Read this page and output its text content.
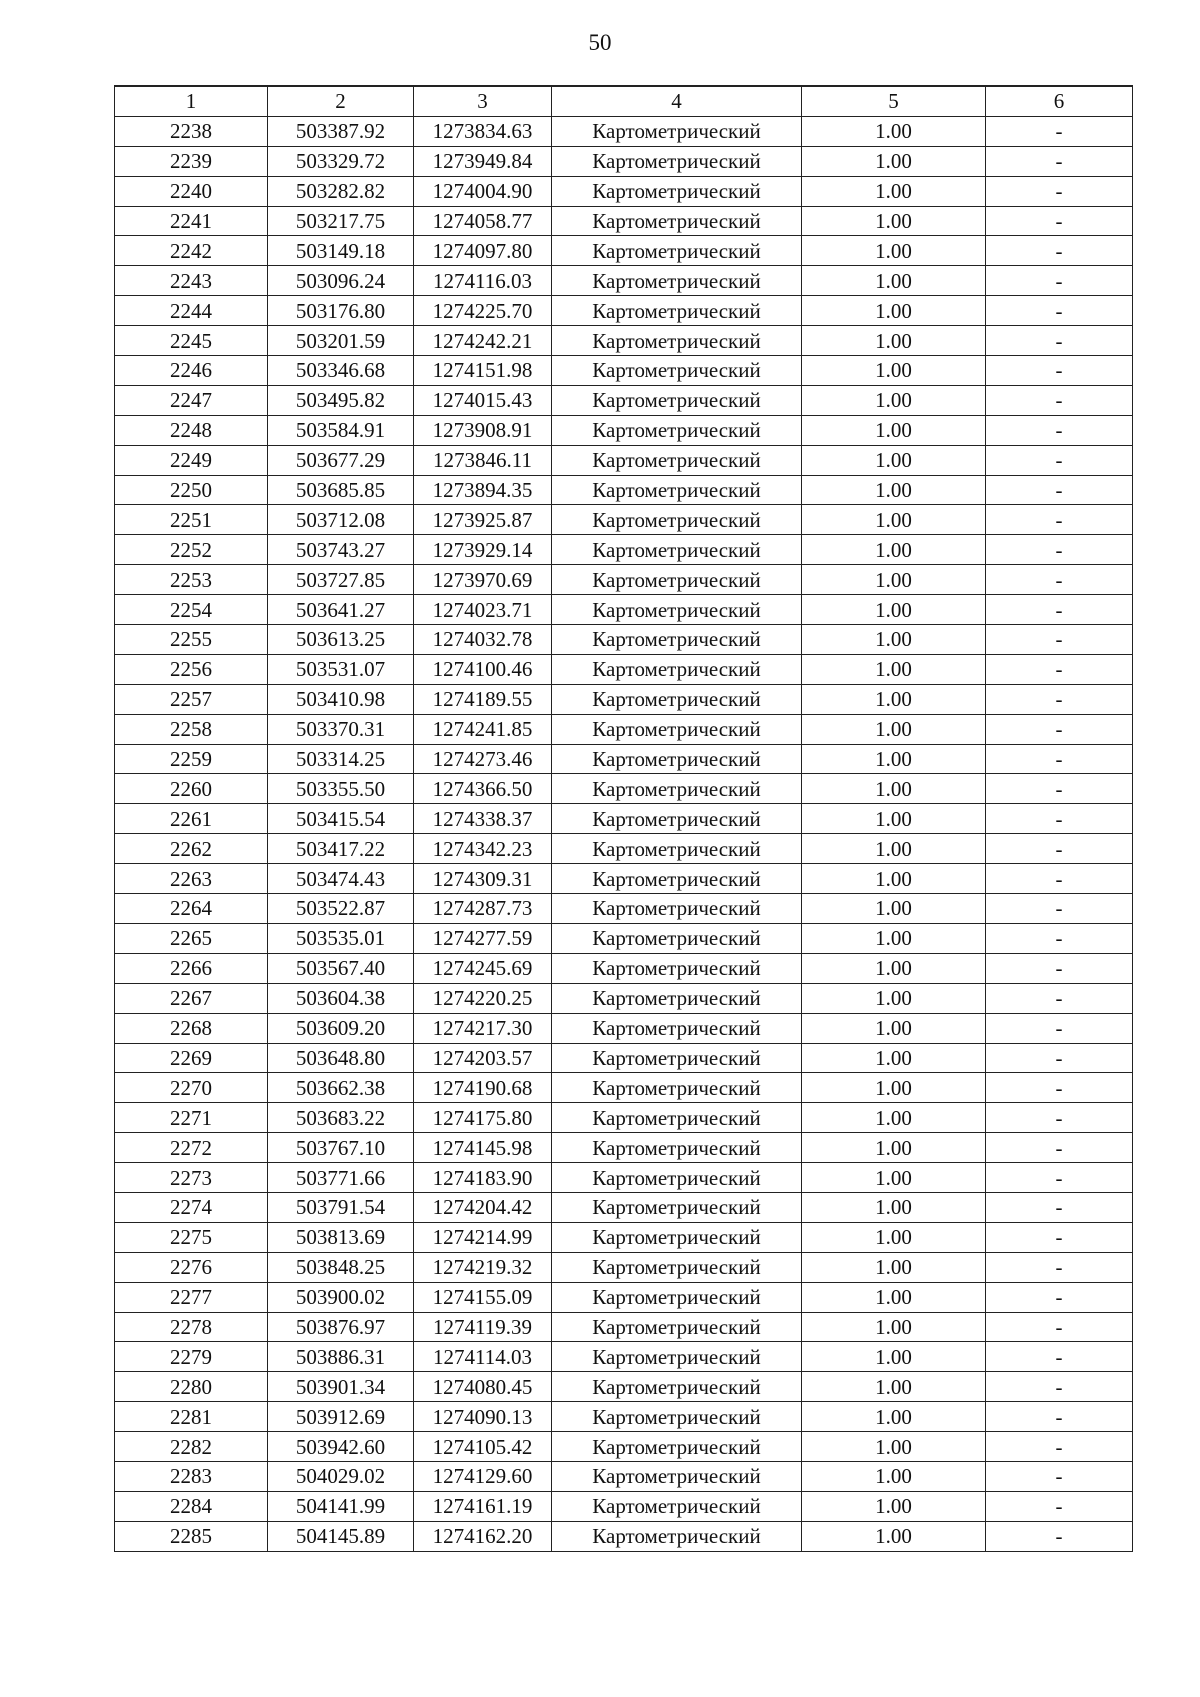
50
1	2	3	4	5	6
2238	503387.92	1273834.63	Картометрический	1.00	-
2239	503329.72	1273949.84	Картометрический	1.00	-
2240	503282.82	1274004.90	Картометрический	1.00	-
2241	503217.75	1274058.77	Картометрический	1.00	-
2242	503149.18	1274097.80	Картометрический	1.00	-
2243	503096.24	1274116.03	Картометрический	1.00	-
2244	503176.80	1274225.70	Картометрический	1.00	-
2245	503201.59	1274242.21	Картометрический	1.00	-
2246	503346.68	1274151.98	Картометрический	1.00	-
2247	503495.82	1274015.43	Картометрический	1.00	-
2248	503584.91	1273908.91	Картометрический	1.00	-
2249	503677.29	1273846.11	Картометрический	1.00	-
2250	503685.85	1273894.35	Картометрический	1.00	-
2251	503712.08	1273925.87	Картометрический	1.00	-
2252	503743.27	1273929.14	Картометрический	1.00	-
2253	503727.85	1273970.69	Картометрический	1.00	-
2254	503641.27	1274023.71	Картометрический	1.00	-
2255	503613.25	1274032.78	Картометрический	1.00	-
2256	503531.07	1274100.46	Картометрический	1.00	-
2257	503410.98	1274189.55	Картометрический	1.00	-
2258	503370.31	1274241.85	Картометрический	1.00	-
2259	503314.25	1274273.46	Картометрический	1.00	-
2260	503355.50	1274366.50	Картометрический	1.00	-
2261	503415.54	1274338.37	Картометрический	1.00	-
2262	503417.22	1274342.23	Картометрический	1.00	-
2263	503474.43	1274309.31	Картометрический	1.00	-
2264	503522.87	1274287.73	Картометрический	1.00	-
2265	503535.01	1274277.59	Картометрический	1.00	-
2266	503567.40	1274245.69	Картометрический	1.00	-
2267	503604.38	1274220.25	Картометрический	1.00	-
2268	503609.20	1274217.30	Картометрический	1.00	-
2269	503648.80	1274203.57	Картометрический	1.00	-
2270	503662.38	1274190.68	Картометрический	1.00	-
2271	503683.22	1274175.80	Картометрический	1.00	-
2272	503767.10	1274145.98	Картометрический	1.00	-
2273	503771.66	1274183.90	Картометрический	1.00	-
2274	503791.54	1274204.42	Картометрический	1.00	-
2275	503813.69	1274214.99	Картометрический	1.00	-
2276	503848.25	1274219.32	Картометрический	1.00	-
2277	503900.02	1274155.09	Картометрический	1.00	-
2278	503876.97	1274119.39	Картометрический	1.00	-
2279	503886.31	1274114.03	Картометрический	1.00	-
2280	503901.34	1274080.45	Картометрический	1.00	-
2281	503912.69	1274090.13	Картометрический	1.00	-
2282	503942.60	1274105.42	Картометрический	1.00	-
2283	504029.02	1274129.60	Картометрический	1.00	-
2284	504141.99	1274161.19	Картометрический	1.00	-
2285	504145.89	1274162.20	Картометрический	1.00	-
